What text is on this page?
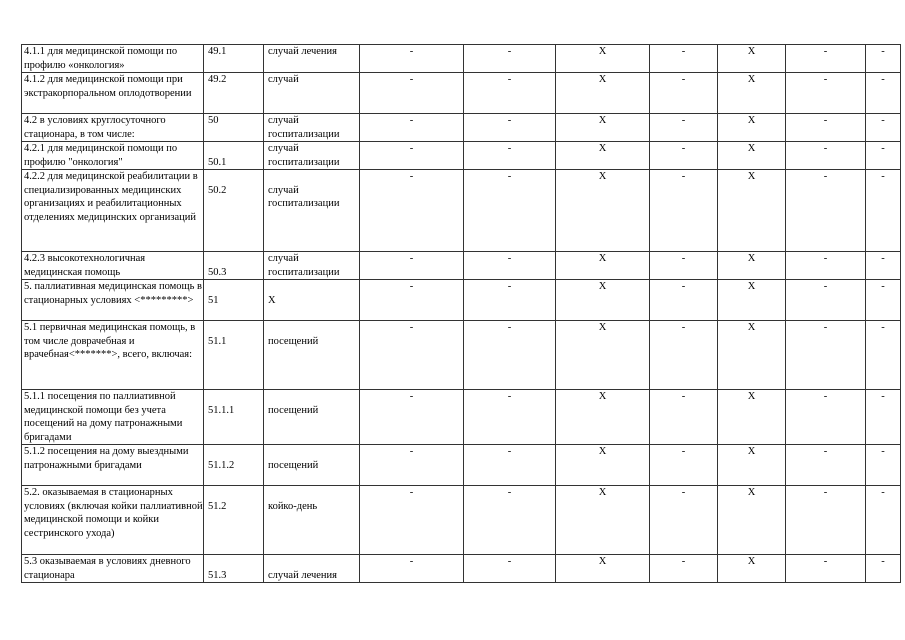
4.1.1 для медицинской помощи по профилю «онкология»	49.1	случай лечения	-	-	X	-	X	-	-
4.1.2 для медицинской помощи при экстракорпоральном оплодотворении	49.2	случай	-	-	X	-	X	-	-
4.2 в условиях круглосуточного стационара, в том числе:	50	случай госпитализации	-	-	X	-	X	-	-
4.2.1 для медицинской помощи по профилю "онкология"	50.1	случай госпитализации	-	-	X	-	X	-	-
4.2.2 для медицинской реабилитации в специализированных медицинских организациях и реабилитационных отделениях медицинских организаций	50.2	случай госпитализации	-	-	X	-	X	-	-
4.2.3 высокотехнологичная медицинская помощь	50.3	случай госпитализации	-	-	X	-	X	-	-
5. паллиативная медицинская помощь в стационарных условиях <*********>	51	X	-	-	X	-	X	-	-
5.1 первичная медицинская помощь, в том числе доврачебная и врачебная<*******>, всего, включая:	51.1	посещений	-	-	X	-	X	-	-
5.1.1 посещения по паллиативной медицинской помощи без учета посещений на дому патронажными бригадами	51.1.1	посещений	-	-	X	-	X	-	-
5.1.2 посещения на дому выездными патронажными бригадами	51.1.2	посещений	-	-	X	-	X	-	-
5.2. оказываемая в стационарных условиях (включая койки паллиативной медицинской помощи и койки сестринского ухода)	51.2	койко-день	-	-	X	-	X	-	-
5.3 оказываемая в условиях дневного стационара	51.3	случай лечения	-	-	X	-	X	-	-
